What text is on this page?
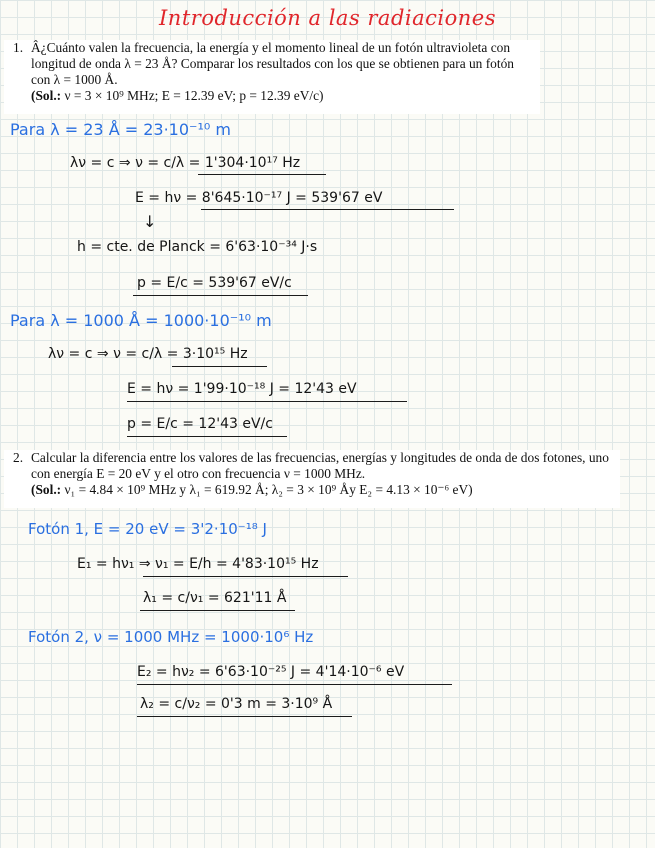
Introducción a las radiaciones
1. Â¿Cuánto valen la frecuencia, la energía y el momento lineal de un fotón ultravioleta con longitud de onda λ = 23 Å? Comparar los resultados con los que se obtienen para un fotón con λ = 1000 Å.
(Sol.: ν = 3 × 10⁹ MHz; E = 12.39 eV; p = 12.39 eV/c)
Para λ = 23 Å = 23·10⁻¹⁰ m
λν = c ⇒ ν = c/λ = 1'304·10¹⁷ Hz
E = hν = 8'645·10⁻¹⁷ J = 539'67 eV
↓
h = cte. de Planck = 6'63·10⁻³⁴ J·s
p = E/c = 539'67 eV/c
Para λ = 1000 Å = 1000·10⁻¹⁰ m
λν = c ⇒ ν = c/λ = 3·10¹⁵ Hz
E = hν = 1'99·10⁻¹⁸ J = 12'43 eV
p = E/c = 12'43 eV/c
2. Calcular la diferencia entre los valores de las frecuencias, energías y longitudes de onda de dos fotones, uno con energía E = 20 eV y el otro con frecuencia ν = 1000 MHz.
(Sol.: ν₁ = 4.84 × 10⁹ MHz y λ₁ = 619.92 Å; λ₂ = 3 × 10⁹ Åy E₂ = 4.13 × 10⁻⁶ eV)
Fotón 1, E = 20 eV = 3'2·10⁻¹⁸ J
E₁ = hν₁ ⇒ ν₁ = E/h = 4'83·10¹⁵ Hz
λ₁ = c/ν₁ = 621'11 Å
Fotón 2, ν = 1000 MHz = 1000·10⁶ Hz
E₂ = hν₂ = 6'63·10⁻²⁵ J = 4'14·10⁻⁶ eV
λ₂ = c/ν₂ = 0'3 m = 3·10⁹ Å
